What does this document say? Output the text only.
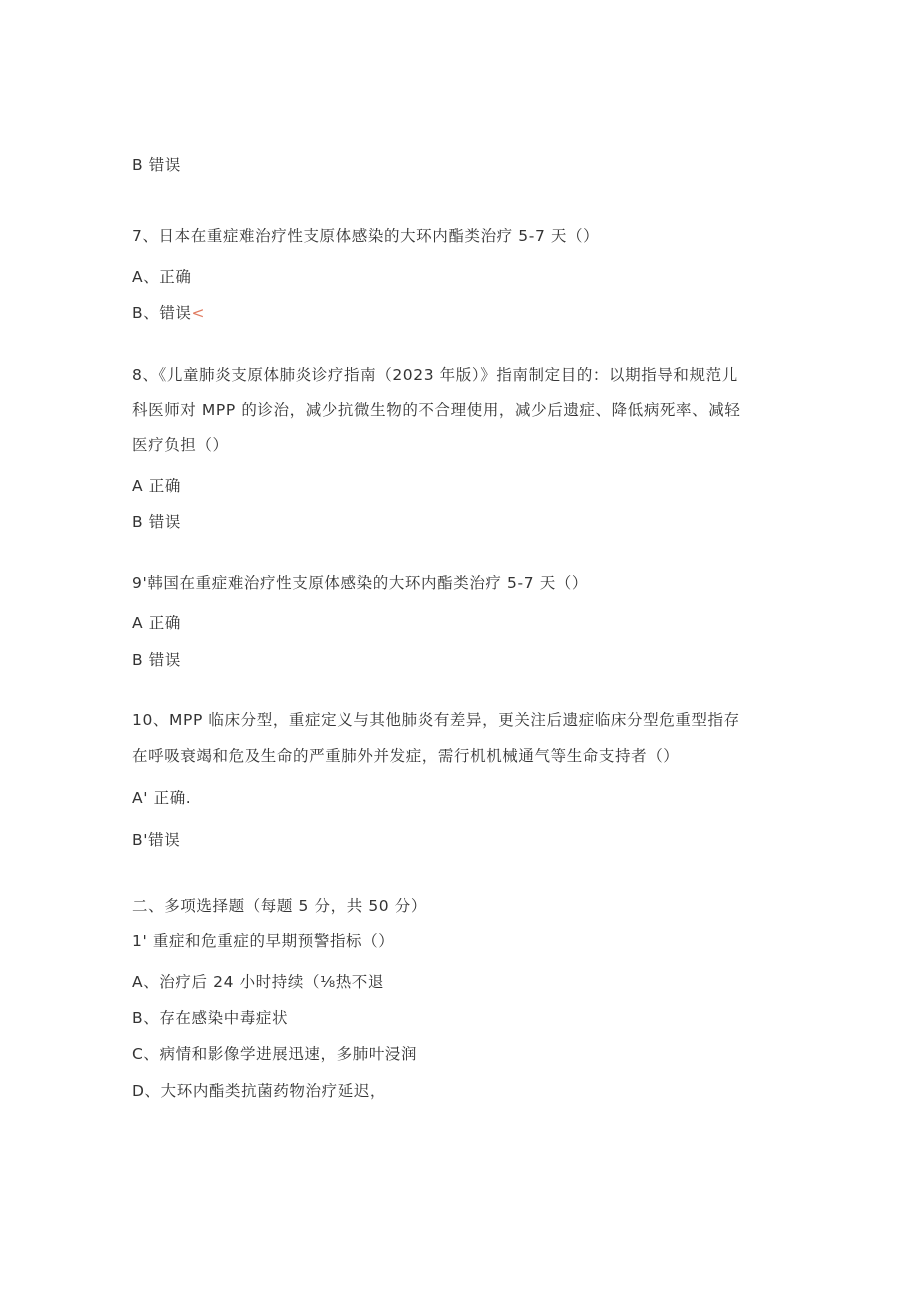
B 错误
7、日本在重症难治疗性支原体感染的大环内酯类治疗 5-7 天（）
A、正确
B、错误<
8、《儿童肺炎支原体肺炎诊疗指南（2023 年版）》指南制定目的：以期指导和规范儿
科医师对 MPP 的诊治，减少抗微生物的不合理使用，减少后遗症、降低病死率、减轻
医疗负担（）
A 正确
B 错误
9'韩国在重症难治疗性支原体感染的大环内酯类治疗 5-7 天（）
A 正确
B 错误
10、MPP 临床分型，重症定义与其他肺炎有差异，更关注后遗症临床分型危重型指存
在呼吸衰竭和危及生命的严重肺外并发症，需行机机械通气等生命支持者（）
A' 正确.
B'错误
二、多项选择题（每题 5 分，共 50 分）
1' 重症和危重症的早期预警指标（）
A、治疗后 24 小时持续（⅛热不退
B、存在感染中毒症状
C、病情和影像学进展迅速，多肺叶浸润
D、大环内酯类抗菌药物治疗延迟，
